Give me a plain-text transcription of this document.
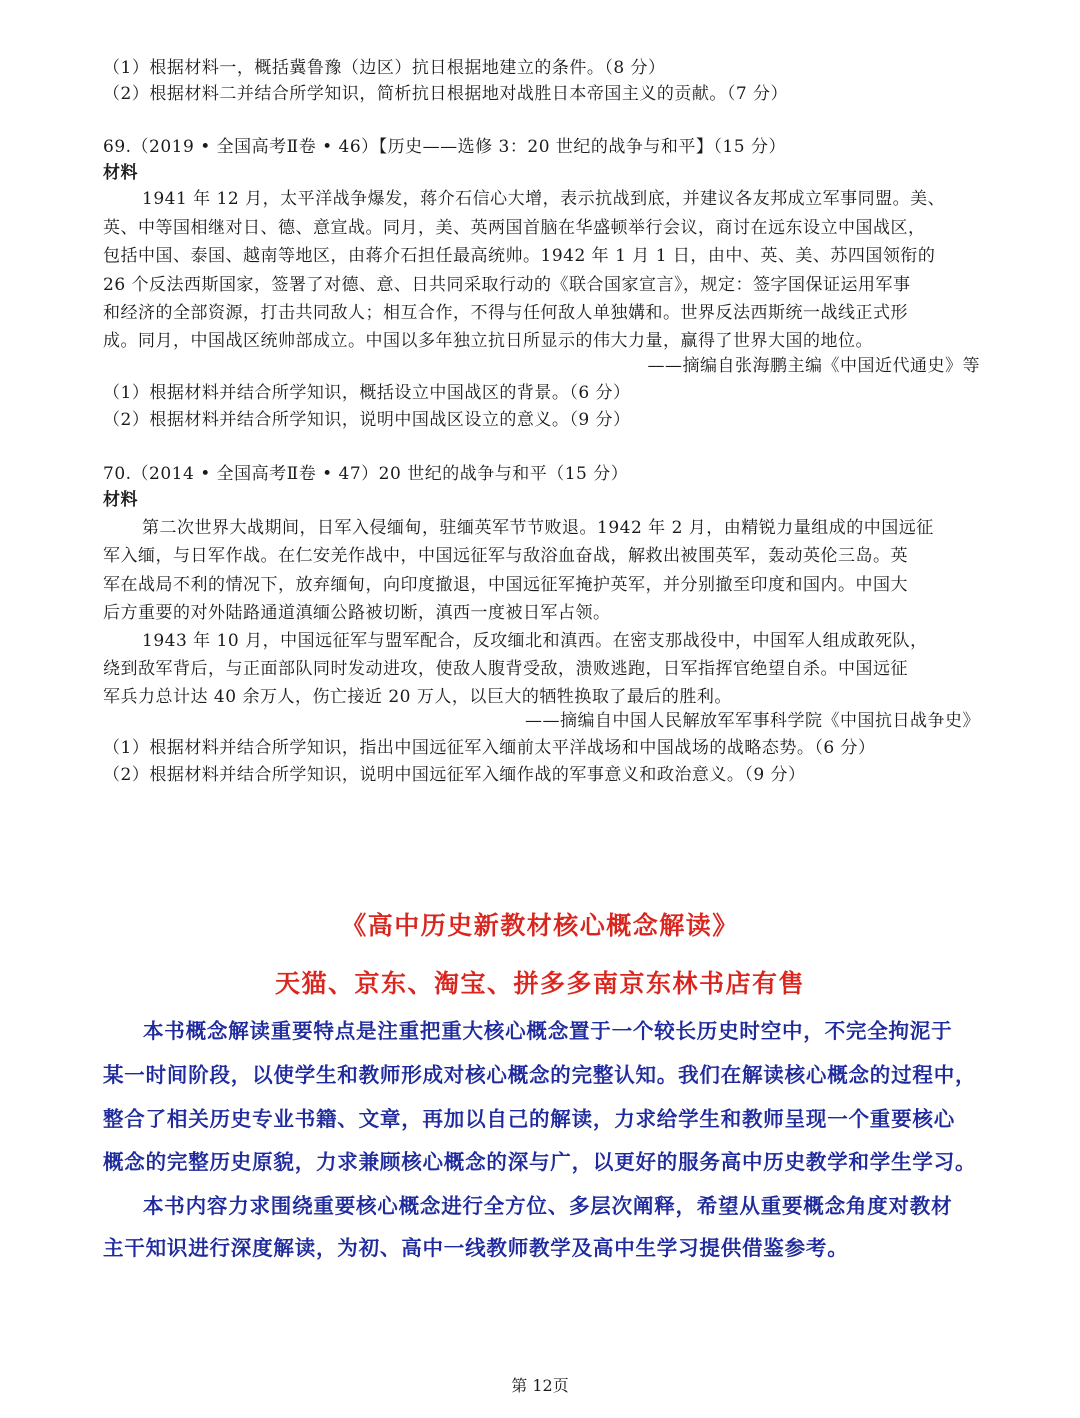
（1）根据材料一，概括冀鲁豫（边区）抗日根据地建立的条件。（8 分）
（2）根据材料二并结合所学知识，简析抗日根据地对战胜日本帝国主义的贡献。（7 分）
69.（2019 • 全国高考Ⅱ卷 • 46）【历史——选修 3：20 世纪的战争与和平】（15 分）
材料
1941 年 12 月，太平洋战争爆发，蒋介石信心大增，表示抗战到底，并建议各友邦成立军事同盟。美、
英、中等国相继对日、德、意宣战。同月，美、英两国首脑在华盛顿举行会议，商讨在远东设立中国战区，
包括中国、泰国、越南等地区，由蒋介石担任最高统帅。1942 年 1 月 1 日，由中、英、美、苏四国领衔的
26 个反法西斯国家，签署了对德、意、日共同采取行动的《联合国家宣言》，规定：签字国保证运用军事
和经济的全部资源，打击共同敌人；相互合作，不得与任何敌人单独媾和。世界反法西斯统一战线正式形
成。同月，中国战区统帅部成立。中国以多年独立抗日所显示的伟大力量，赢得了世界大国的地位。
——摘编自张海鹏主编《中国近代通史》等
（1）根据材料并结合所学知识，概括设立中国战区的背景。（6 分）
（2）根据材料并结合所学知识，说明中国战区设立的意义。（9 分）
70.（2014 • 全国高考Ⅱ卷 • 47）20 世纪的战争与和平（15 分）
材料
第二次世界大战期间，日军入侵缅甸，驻缅英军节节败退。1942 年 2 月，由精锐力量组成的中国远征
军入缅，与日军作战。在仁安羌作战中，中国远征军与敌浴血奋战，解救出被围英军，轰动英伦三岛。英
军在战局不利的情况下，放弃缅甸，向印度撤退，中国远征军掩护英军，并分别撤至印度和国内。中国大
后方重要的对外陆路通道滇缅公路被切断，滇西一度被日军占领。
1943 年 10 月，中国远征军与盟军配合，反攻缅北和滇西。在密支那战役中，中国军人组成敢死队，
绕到敌军背后，与正面部队同时发动进攻，使敌人腹背受敌，溃败逃跑，日军指挥官绝望自杀。中国远征
军兵力总计达 40 余万人，伤亡接近 20 万人，以巨大的牺牲换取了最后的胜利。
——摘编自中国人民解放军军事科学院《中国抗日战争史》
（1）根据材料并结合所学知识，指出中国远征军入缅前太平洋战场和中国战场的战略态势。（6 分）
（2）根据材料并结合所学知识，说明中国远征军入缅作战的军事意义和政治意义。（9 分）
《高中历史新教材核心概念解读》
天猫、京东、淘宝、拼多多南京东林书店有售
本书概念解读重要特点是注重把重大核心概念置于一个较长历史时空中，不完全拘泥于
某一时间阶段，以使学生和教师形成对核心概念的完整认知。我们在解读核心概念的过程中，
整合了相关历史专业书籍、文章，再加以自己的解读，力求给学生和教师呈现一个重要核心
概念的完整历史原貌，力求兼顾核心概念的深与广，以更好的服务高中历史教学和学生学习。
本书内容力求围绕重要核心概念进行全方位、多层次阐释，希望从重要概念角度对教材
主干知识进行深度解读，为初、高中一线教师教学及高中生学习提供借鉴参考。
第 12页
